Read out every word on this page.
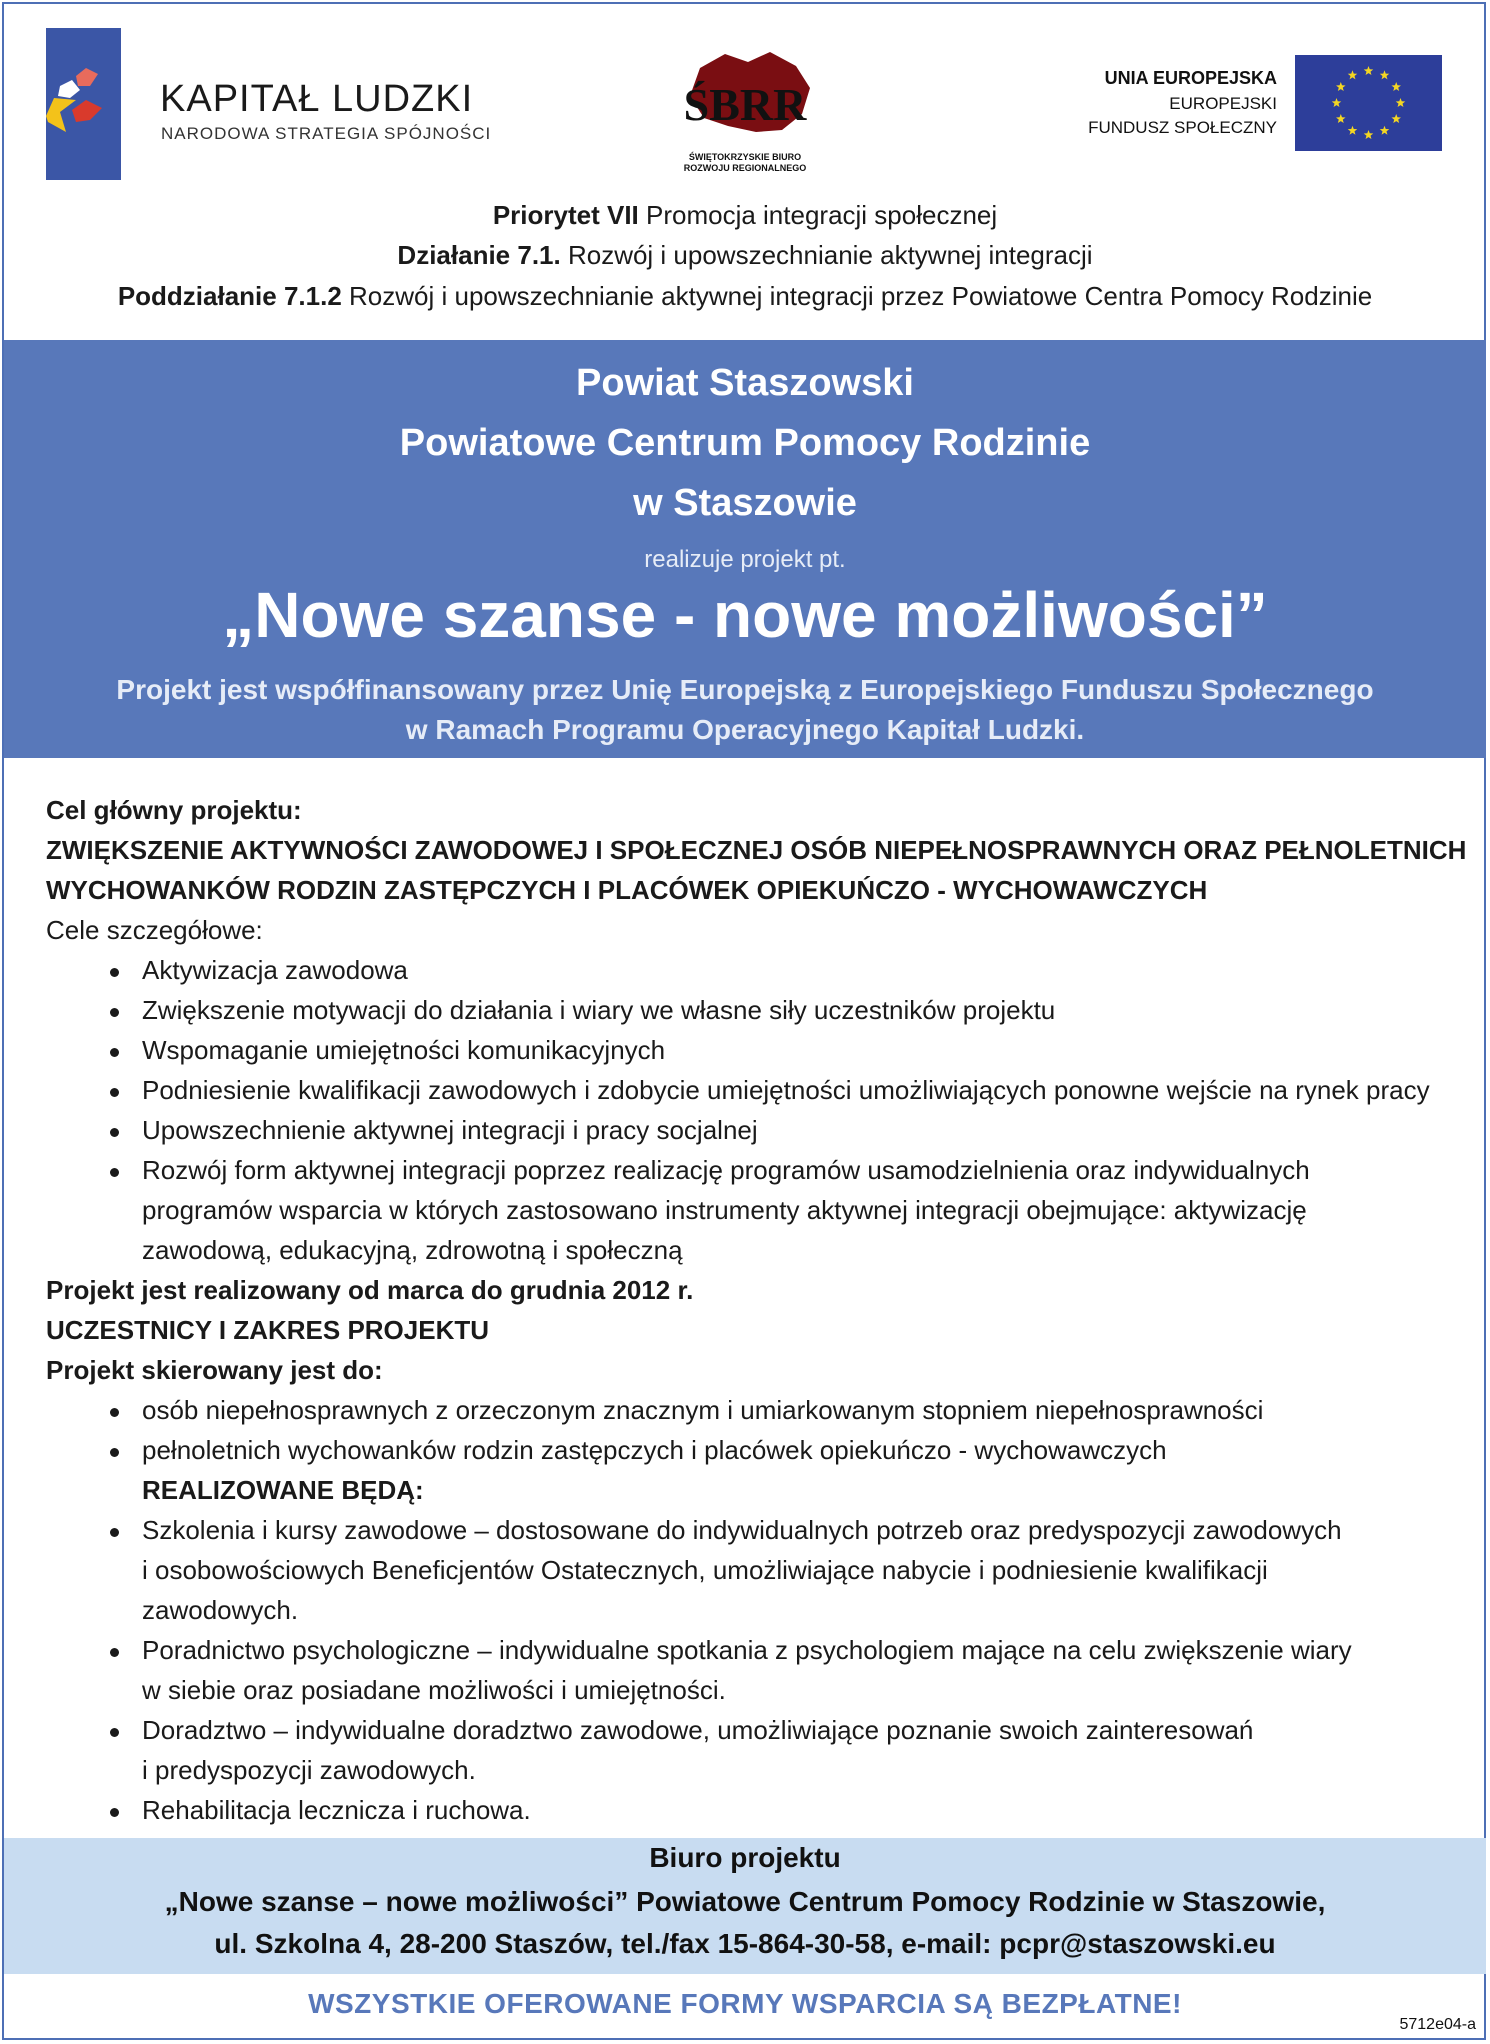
KAPITAŁ LUDZKI
NARODOWA STRATEGIA SPÓJNOŚCI
ŚBRR
ŚWIĘTOKRZYSKIE BIURO
ROZWOJU REGIONALNEGO
UNIA EUROPEJSKA
EUROPEJSKI
FUNDUSZ SPOŁECZNY
Priorytet VII Promocja integracji społecznej
Działanie 7.1. Rozwój i upowszechnianie aktywnej integracji
Poddziałanie 7.1.2 Rozwój i upowszechnianie aktywnej integracji przez Powiatowe Centra Pomocy Rodzinie
Powiat Staszowski
Powiatowe Centrum Pomocy Rodzinie
w Staszowie
realizuje projekt pt.
„Nowe szanse - nowe możliwości”
Projekt jest współfinansowany przez Unię Europejską z Europejskiego Funduszu Społecznego
w Ramach Programu Operacyjnego Kapitał Ludzki.
Cel główny projektu:
ZWIĘKSZENIE AKTYWNOŚCI ZAWODOWEJ I SPOŁECZNEJ OSÓB NIEPEŁNOSPRAWNYCH ORAZ PEŁNOLETNICH
WYCHOWANKÓW RODZIN ZASTĘPCZYCH I PLACÓWEK OPIEKUŃCZO - WYCHOWAWCZYCH
Cele szczegółowe:
Aktywizacja zawodowa
Zwiększenie motywacji do działania i wiary we własne siły uczestników projektu
Wspomaganie umiejętności komunikacyjnych
Podniesienie kwalifikacji zawodowych i zdobycie umiejętności umożliwiających ponowne wejście na rynek pracy
Upowszechnienie aktywnej integracji i pracy socjalnej
Rozwój form aktywnej integracji poprzez realizację programów usamodzielnienia oraz indywidualnych
programów wsparcia w których zastosowano instrumenty aktywnej integracji obejmujące: aktywizację
zawodową, edukacyjną, zdrowotną i społeczną
Projekt jest realizowany od marca do grudnia 2012 r.
UCZESTNICY I ZAKRES PROJEKTU
Projekt skierowany jest do:
osób niepełnosprawnych z orzeczonym znacznym i umiarkowanym stopniem niepełnosprawności
pełnoletnich wychowanków rodzin zastępczych i placówek opiekuńczo - wychowawczych
REALIZOWANE BĘDĄ:
Szkolenia i kursy zawodowe – dostosowane do indywidualnych potrzeb oraz predyspozycji zawodowych
i osobowościowych Beneficjentów Ostatecznych, umożliwiające nabycie i podniesienie kwalifikacji
zawodowych.
Poradnictwo psychologiczne – indywidualne spotkania z psychologiem mające na celu zwiększenie wiary
w siebie oraz posiadane możliwości i umiejętności.
Doradztwo – indywidualne doradztwo zawodowe, umożliwiające poznanie swoich zainteresowań
i predyspozycji zawodowych.
Rehabilitacja lecznicza i ruchowa.
Biuro projektu
„Nowe szanse – nowe możliwości” Powiatowe Centrum Pomocy Rodzinie w Staszowie,
ul. Szkolna 4, 28-200 Staszów, tel./fax 15-864-30-58, e-mail: pcpr@staszowski.eu
WSZYSTKIE OFEROWANE FORMY WSPARCIA SĄ BEZPŁATNE!
5712e04-a
